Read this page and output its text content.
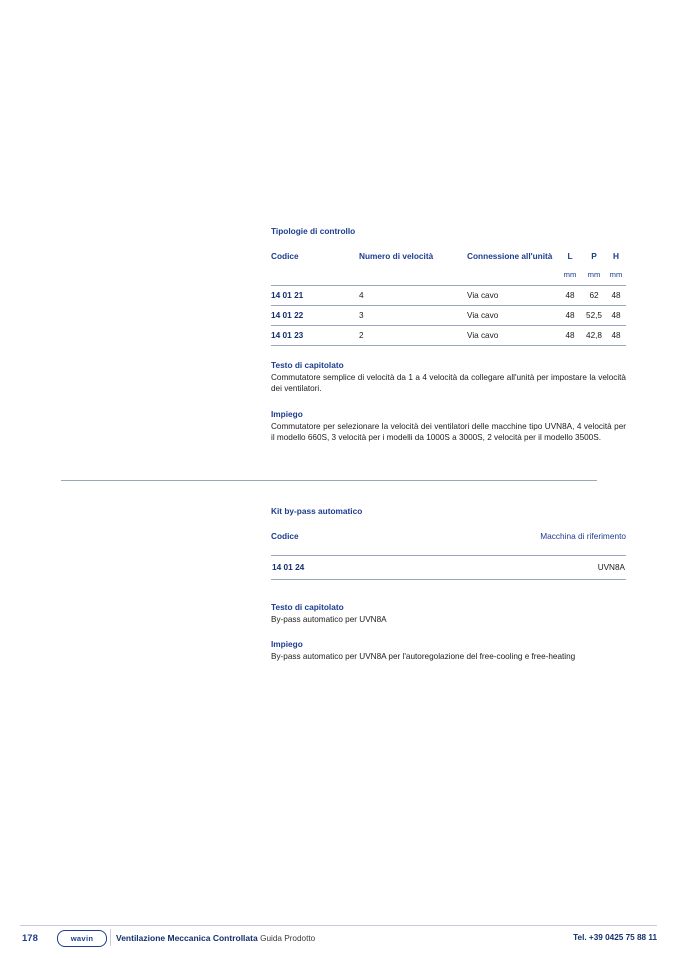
Tipologie di controllo
Codice	Numero di velocità	Connessione all'unità	L	P	H
			mm	mm	mm
14 01 21	4	Via cavo	48	62	48
14 01 22	3	Via cavo	48	52,5	48
14 01 23	2	Via cavo	48	42,8	48
Testo di capitolato
Commutatore semplice di velocità da 1 a 4 velocità da collegare all'unità per impostare la velocità dei ventilatori.
Impiego
Commutatore per selezionare la velocità dei ventilatori delle macchine tipo UVN8A, 4 velocità per il modello 660S, 3 velocità per i modelli da 1000S a 3000S, 2 velocità per il modello 3500S.
Kit by-pass automatico
Codice	Macchina di riferimento
14 01 24	UVN8A
Testo di capitolato
By-pass automatico per UVN8A
Impiego
By-pass automatico per UVN8A per l'autoregolazione del free-cooling e free-heating
178	wavin	Ventilazione Meccanica Controllata Guida Prodotto	Tel. +39 0425 75 88 11
